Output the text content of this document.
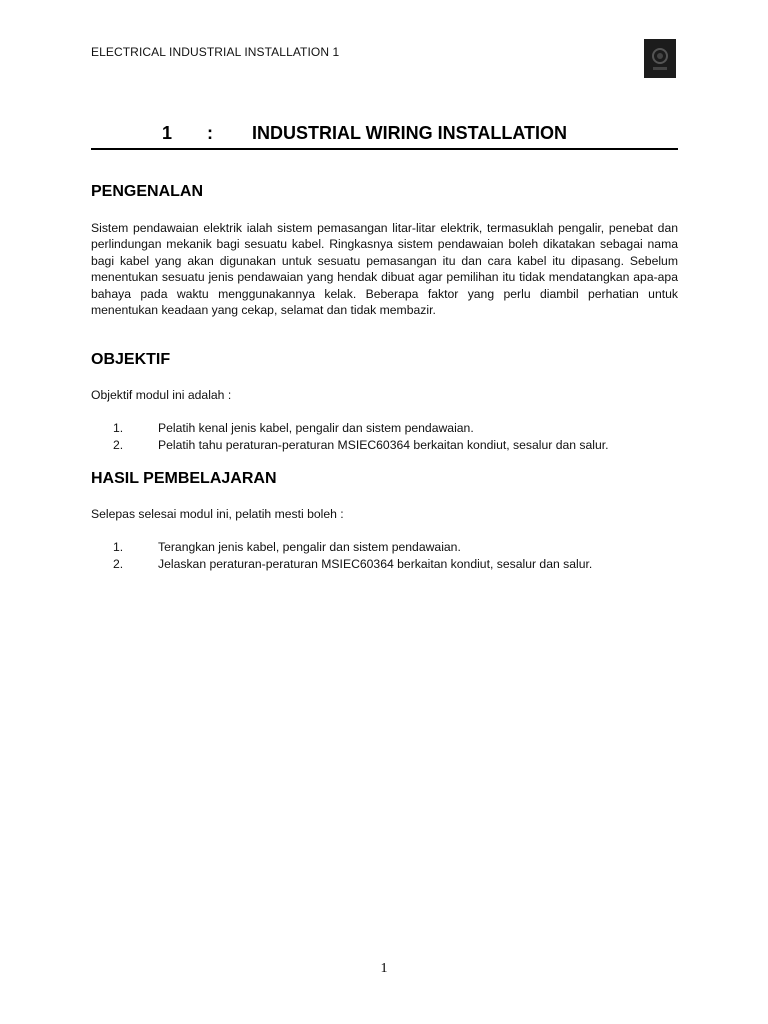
ELECTRICAL INDUSTRIAL INSTALLATION 1
1 : INDUSTRIAL WIRING INSTALLATION
PENGENALAN
Sistem pendawaian elektrik ialah sistem pemasangan litar-litar elektrik, termasuklah pengalir, penebat dan perlindungan mekanik bagi sesuatu kabel. Ringkasnya sistem pendawaian boleh dikatakan sebagai nama bagi kabel yang akan digunakan untuk sesuatu pemasangan itu dan cara kabel itu dipasang. Sebelum menentukan sesuatu jenis pendawaian yang hendak dibuat agar pemilihan itu tidak mendatangkan apa-apa bahaya pada waktu menggunakannya kelak. Beberapa faktor yang perlu diambil perhatian untuk menentukan keadaan yang cekap, selamat dan tidak membazir.
OBJEKTIF
Objektif modul ini adalah :
1.	Pelatih kenal jenis kabel, pengalir dan sistem pendawaian.
2.	Pelatih tahu peraturan-peraturan MSIEC60364 berkaitan kondiut, sesalur dan salur.
HASIL PEMBELAJARAN
Selepas selesai modul ini, pelatih mesti boleh :
1.	Terangkan jenis kabel, pengalir dan sistem pendawaian.
2.	Jelaskan peraturan-peraturan MSIEC60364 berkaitan kondiut, sesalur dan salur.
1
